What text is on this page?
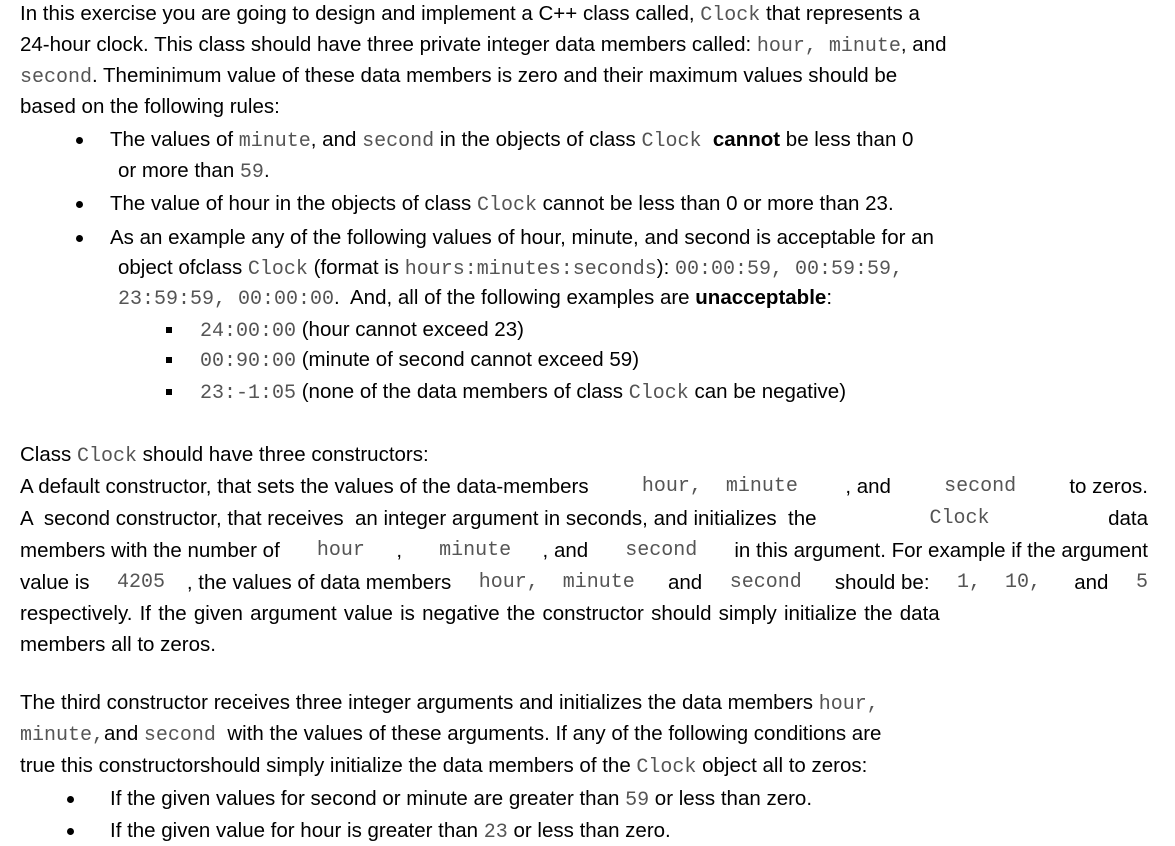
In this exercise you are going to design and implement a C++ class called, Clock that represents a
24-hour clock. This class should have three private integer data members called: hour, minute, and
second. Theminimum value of these data members is zero and their maximum values should be
based on the following rules:
The values of minute, and second in the objects of class Clock cannot be less than 0
or more than 59.
The value of hour in the objects of class Clock cannot be less than 0 or more than 23.
As an example any of the following values of hour, minute, and second is acceptable for an
object ofclass Clock (format is hours:minutes:seconds): 00:00:59, 00:59:59,
23:59:59, 00:00:00.  And, all of the following examples are unacceptable:
24:00:00 (hour cannot exceed 23)
00:90:00 (minute of second cannot exceed 59)
23:-1:05 (none of the data members of class Clock can be negative)
Class Clock should have three constructors:
A default constructor, that sets the values of the data-members hour,  minute , and second to zeros.
A  second constructor, that receives  an integer argument in seconds, and initializes  the	Clock	data
members with the number of hour , minute , and second in this argument. For example if the argument
value is 4205 , the values of data members hour,  minute and second should be: 1,  10, and 5
respectively. If the given argument value is negative the constructor should simply initialize the data
members all to zeros.
The third constructor receives three integer arguments and initializes the data members hour,
minute,and second  with the values of these arguments. If any of the following conditions are
true this constructorshould simply initialize the data members of the Clock object all to zeros:
If the given values for second or minute are greater than 59 or less than zero.
If the given value for hour is greater than 23 or less than zero.
